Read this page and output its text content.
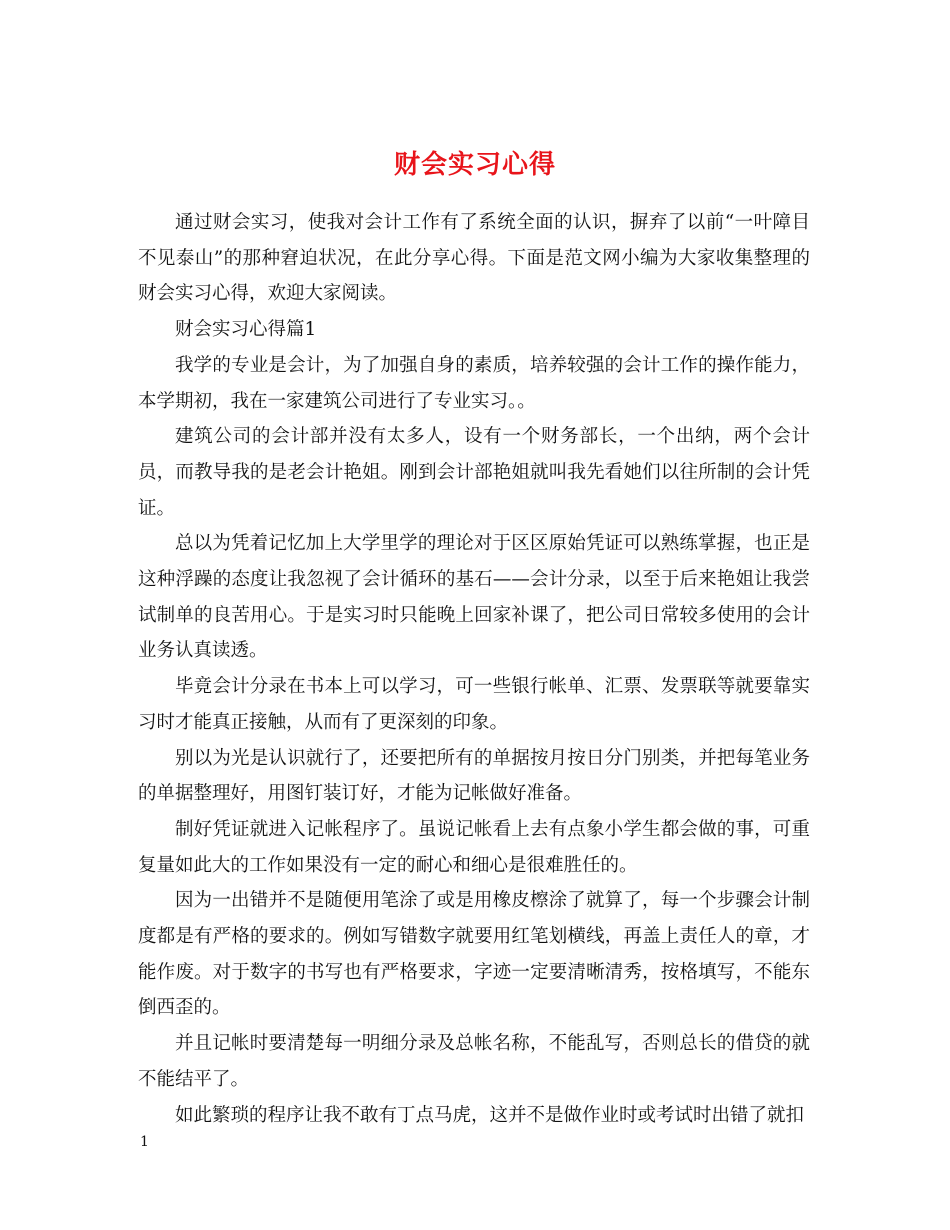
财会实习心得

通过财会实习，使我对会计工作有了系统全面的认识，摒弃了以前“一叶障目不见泰山”的那种窘迫状况，在此分享心得。下面是范文网小编为大家收集整理的财会实习心得，欢迎大家阅读。

财会实习心得篇1

我学的专业是会计，为了加强自身的素质，培养较强的会计工作的操作能力，本学期初，我在一家建筑公司进行了专业实习。。

建筑公司的会计部并没有太多人，设有一个财务部长，一个出纳，两个会计员，而教导我的是老会计艳姐。刚到会计部艳姐就叫我先看她们以往所制的会计凭证。

总以为凭着记忆加上大学里学的理论对于区区原始凭证可以熟练掌握，也正是这种浮躁的态度让我忽视了会计循环的基石——会计分录，以至于后来艳姐让我尝试制单的良苦用心。于是实习时只能晚上回家补课了，把公司日常较多使用的会计业务认真读透。

毕竟会计分录在书本上可以学习，可一些银行帐单、汇票、发票联等就要靠实习时才能真正接触，从而有了更深刻的印象。

别以为光是认识就行了，还要把所有的单据按月按日分门别类，并把每笔业务的单据整理好，用图钉装订好，才能为记帐做好准备。

制好凭证就进入记帐程序了。虽说记帐看上去有点象小学生都会做的事，可重复量如此大的工作如果没有一定的耐心和细心是很难胜任的。

因为一出错并不是随便用笔涂了或是用橡皮檫涂了就算了，每一个步骤会计制度都是有严格的要求的。例如写错数字就要用红笔划横线，再盖上责任人的章，才能作废。对于数字的书写也有严格要求，字迹一定要清晰清秀，按格填写，不能东倒西歪的。

并且记帐时要清楚每一明细分录及总帐名称，不能乱写，否则总长的借贷的就不能结平了。

如此繁琐的程序让我不敢有丁点马虎，这并不是做作业时或考试时出错了就扣

1
